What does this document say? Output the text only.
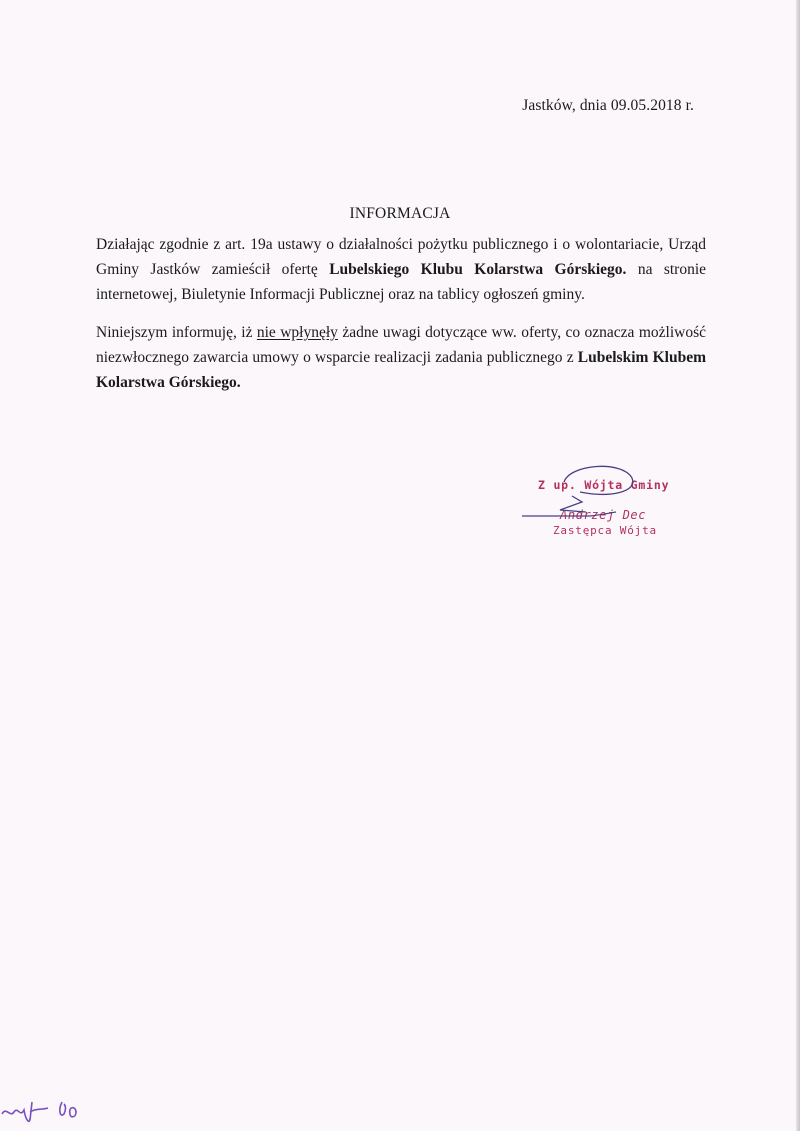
Jastków, dnia 09.05.2018 r.
INFORMACJA
Działając zgodnie z art. 19a ustawy o działalności pożytku publicznego i o wolontariacie, Urząd Gminy Jastków zamieścił ofertę Lubelskiego Klubu Kolarstwa Górskiego. na stronie internetowej, Biuletynie Informacji Publicznej oraz na tablicy ogłoszeń gminy.
Niniejszym informuję, iż nie wpłynęły żadne uwagi dotyczące ww. oferty, co oznacza możliwość niezwłocznego zawarcia umowy o wsparcie realizacji zadania publicznego z Lubelskim Klubem Kolarstwa Górskiego.
Z up. Wójta Gminy
Andrzej Dec
Zastępca Wójta
